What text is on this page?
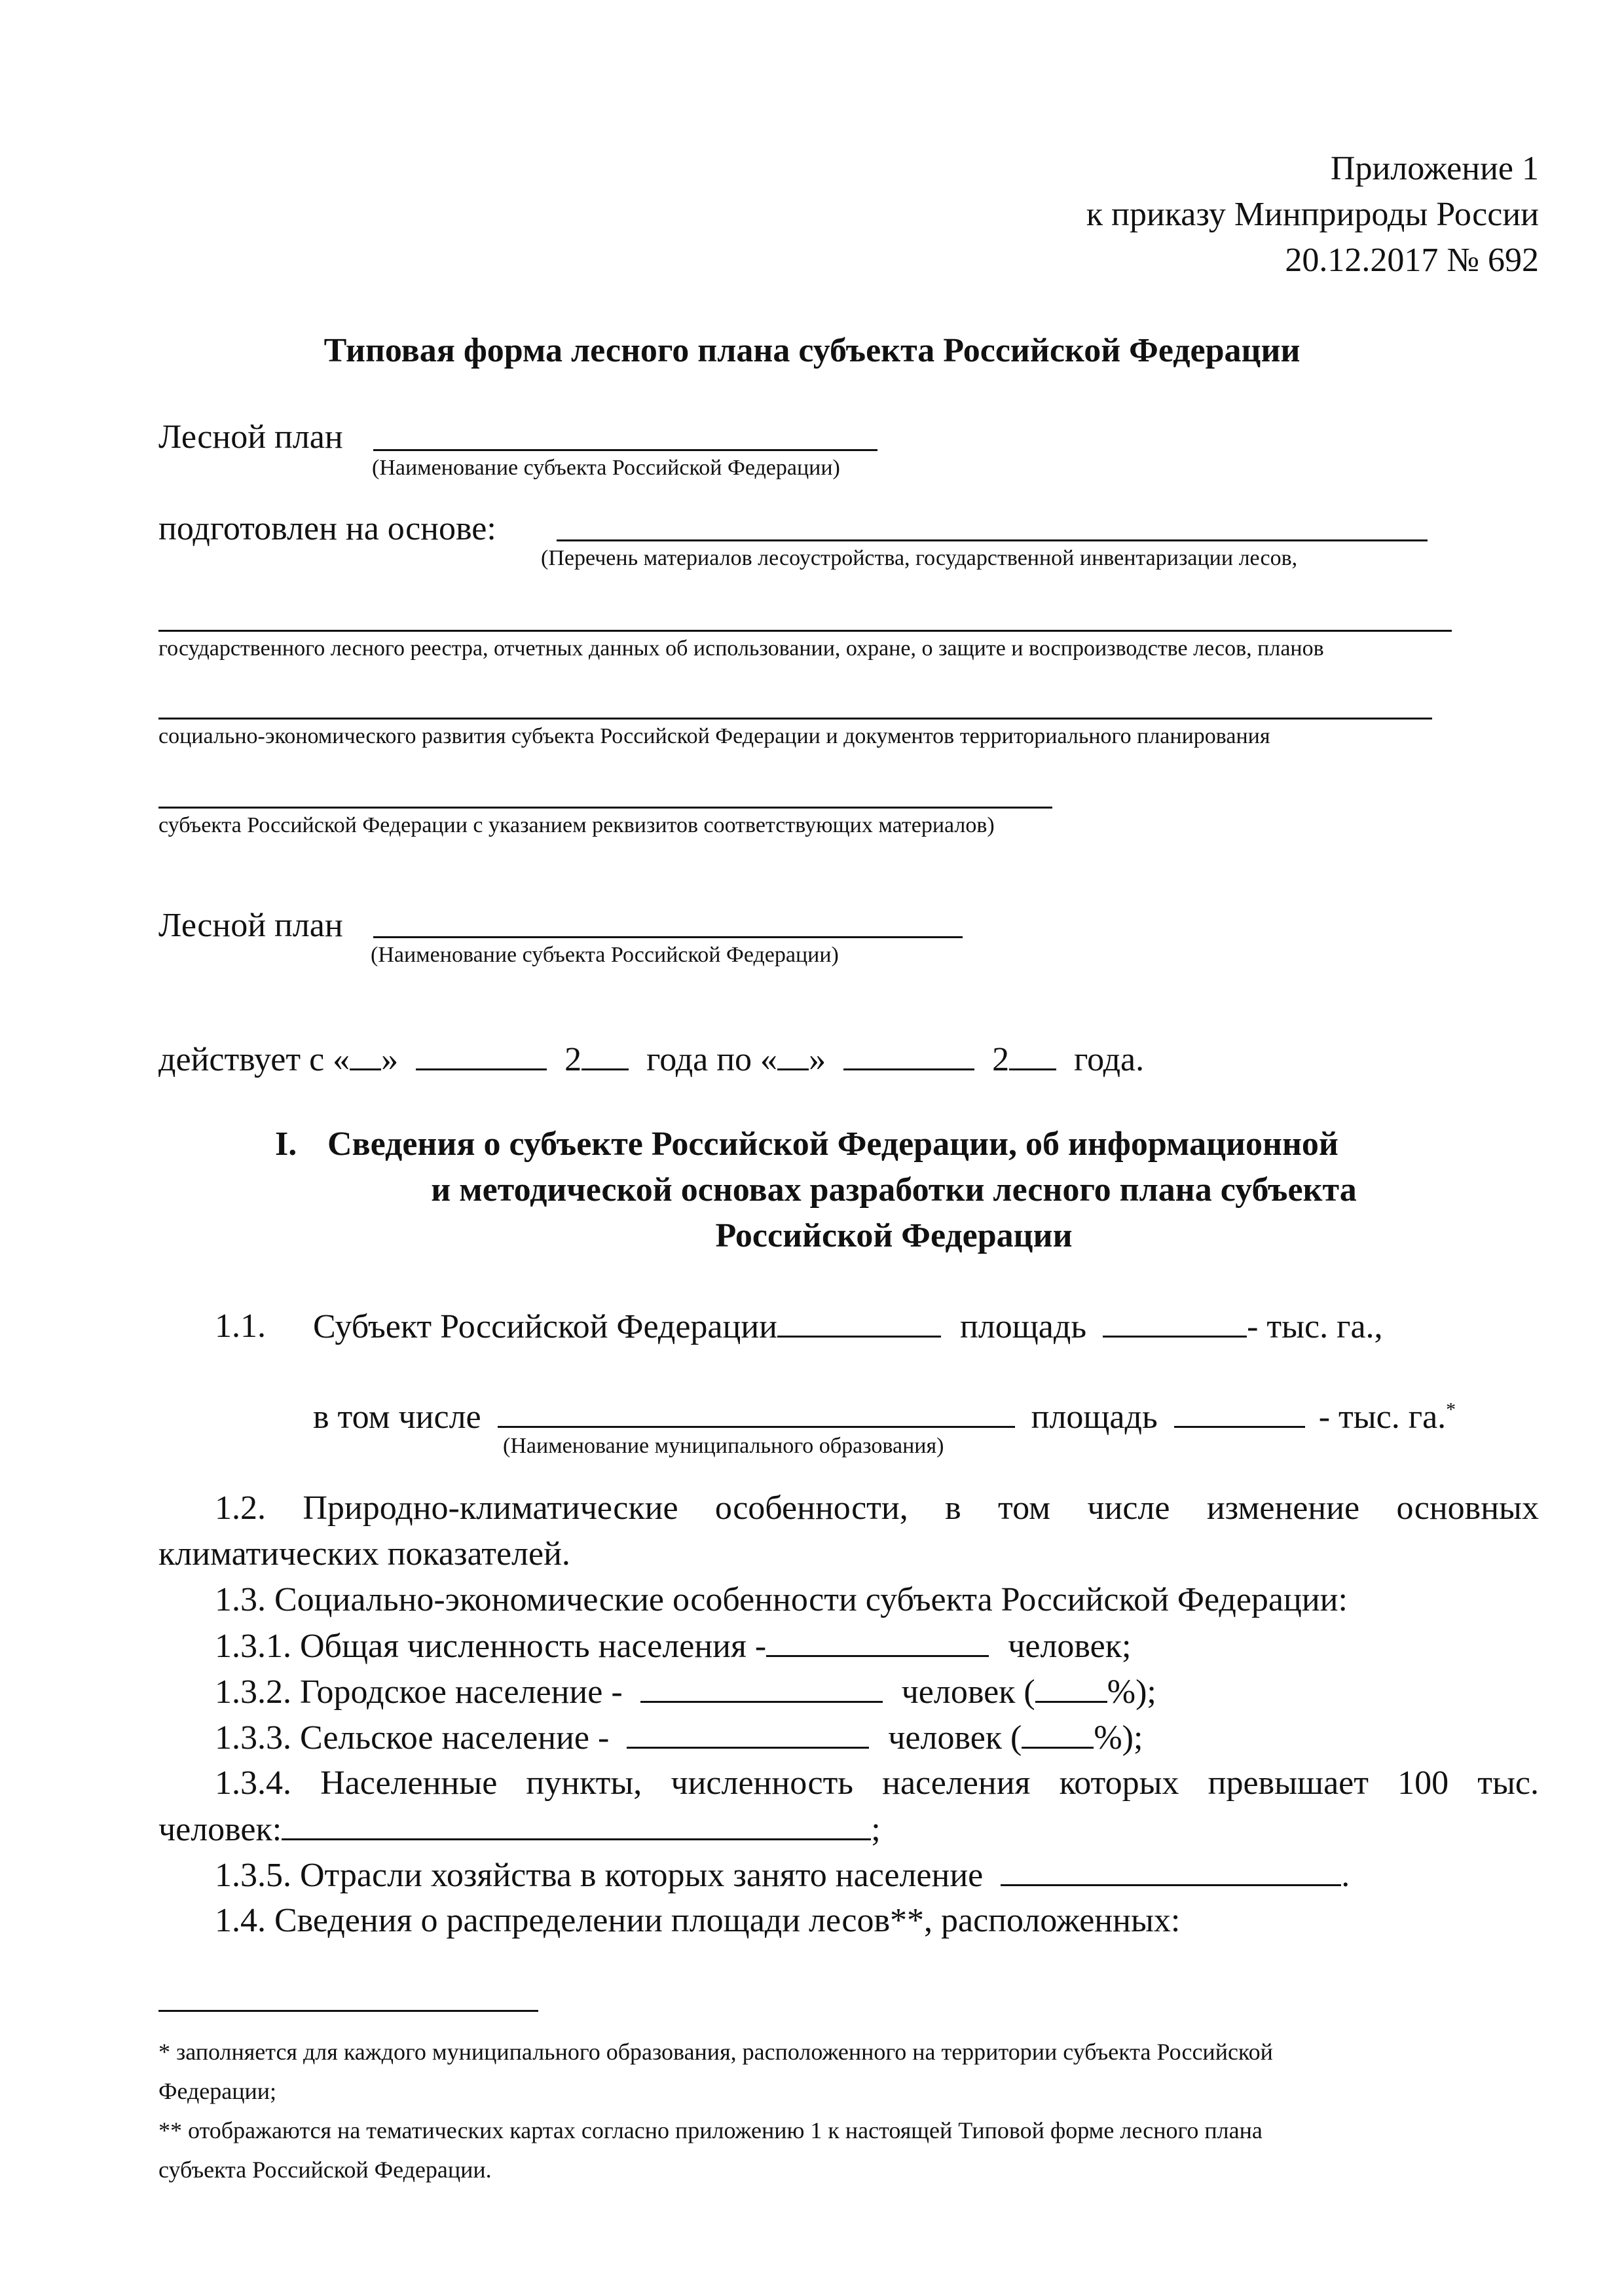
Приложение 1
к приказу Минприроды России
20.12.2017 № 692
Типовая форма лесного плана субъекта Российской Федерации
Лесной план
(Наименование субъекта Российской Федерации)
подготовлен на основе:
(Перечень материалов лесоустройства, государственной инвентаризации лесов,
государственного лесного реестра, отчетных данных об использовании, охране, о защите и воспроизводстве лесов, планов
социально-экономического развития субъекта Российской Федерации и документов территориального планирования
субъекта Российской Федерации с указанием реквизитов соответствующих материалов)
Лесной план
(Наименование субъекта Российской Федерации)
действует с « »	2 года по « »	2 года.
I. Сведения о субъекте Российской Федерации, об информационной
и методической основах разработки лесного плана субъекта
Российской Федерации
1.1. Субъект Российской Федерации	площадь	- тыс. га.,
в том числе	площадь	- тыс. га.*
(Наименование муниципального образования)
1.2. Природно-климатические особенности, в том числе изменение основных
климатических показателей.
1.3. Социально-экономические особенности субъекта Российской Федерации:
1.3.1. Общая численность населения -	человек;
1.3.2. Городское население -	человек ( %);
1.3.3. Сельское население -	человек ( %);
1.3.4. Населенные пункты, численность населения которых превышает 100 тыс.
человек:	;
1.3.5. Отрасли хозяйства в которых занято население	.
1.4. Сведения о распределении площади лесов**, расположенных:
* заполняется для каждого муниципального образования, расположенного на территории субъекта Российской
Федерации;
** отображаются на тематических картах согласно приложению 1 к настоящей Типовой форме лесного плана
субъекта Российской Федерации.
